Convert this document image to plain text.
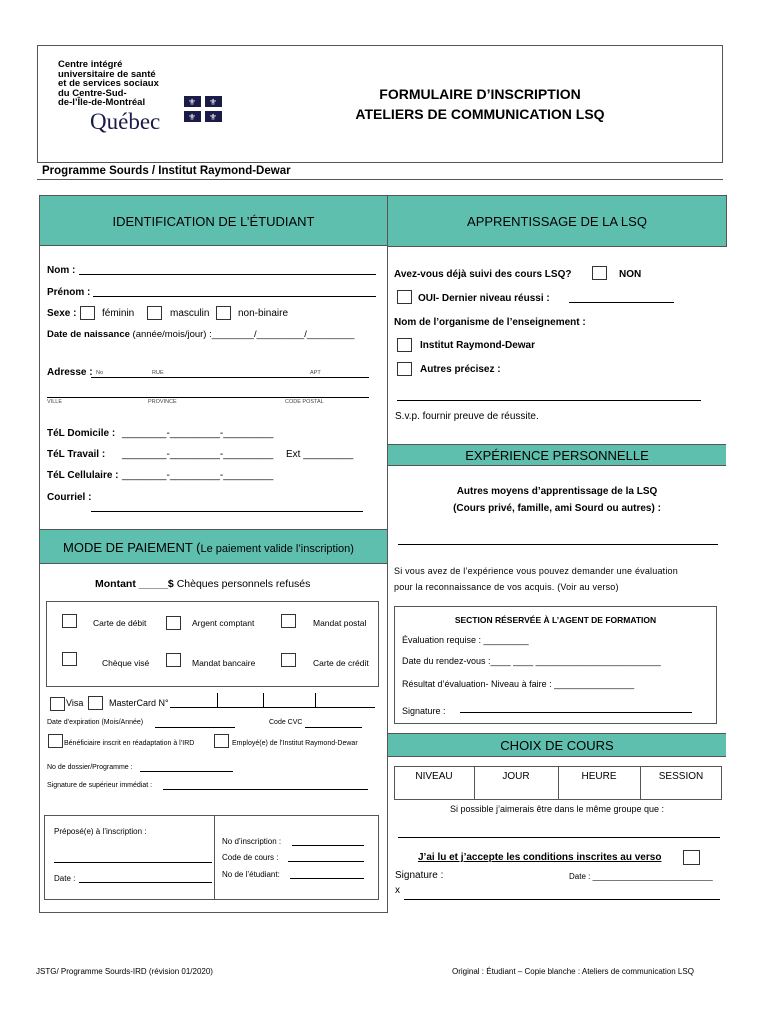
Centre intégré
universitaire de santé
et de services sociaux
du Centre-Sud-
de-l’Île-de-Montréal
Québec
⚜ ⚜
⚜ ⚜
FORMULAIRE D’INSCRIPTION
ATELIERS DE COMMUNICATION LSQ
Programme Sourds / Institut Raymond-Dewar
IDENTIFICATION DE L’ÉTUDIANT
Nom :
Prénom :
Sexe :	féminin	masculin	non-binaire
Date de naissance (année/mois/jour) :________/_________/_________
Adresse : No	RUE	APT
VILLE	PROVINCE	CODE POSTAL
TéL Domicile : ________-_________-_________
TéL Travail : ________-_________-_________ Ext _________
TéL Cellulaire : ________-_________-_________
Courriel :
MODE DE PAIEMENT (Le paiement valide l’inscription)
Montant _____$ Chèques personnels refusés
Carte de débit	Argent comptant	Mandat postal
Chèque visé	Mandat bancaire	Carte de crédit
Visa	MasterCard N°
Date d’expiration (Mois/Année)	Code CVC
Bénéficiaire inscrit en réadaptation à l’IRD	Employé(e) de l’Institut Raymond-Dewar
No de dossier/Programme :
Signature de supérieur immédiat :
Préposé(e) à l’inscription :
Date :
No d’inscription :
Code de cours :
No de l’étudiant:
APPRENTISSAGE DE LA LSQ
Avez-vous déjà suivi des cours LSQ?	NON
OUI- Dernier niveau réussi :
Nom de l’organisme de l’enseignement :
Institut Raymond-Dewar
Autres précisez :
S.v.p. fournir preuve de réussite.
EXPÉRIENCE PERSONNELLE
Autres moyens d’apprentissage de la LSQ
(Cours privé, famille, ami Sourd ou autres) :
Si vous avez de l’expérience vous pouvez demander une évaluation
pour la reconnaissance de vos acquis. (Voir au verso)
SECTION RÉSERVÉE À L’AGENT DE FORMATION
Évaluation requise : _________
Date du rendez-vous :____ ____ _________________________
Résultat d’évaluation- Niveau à faire : ________________
Signature :
CHOIX DE COURS
NIVEAU	JOUR	HEURE	SESSION
Si possible j’aimerais être dans le même groupe que :
J’ai lu et j’accepte les conditions inscrites au verso
Signature :	Date : ___________________________
x
JSTG/ Programme Sourds-IRD (révision 01/2020)	Original : Étudiant – Copie blanche : Ateliers de communication LSQ
